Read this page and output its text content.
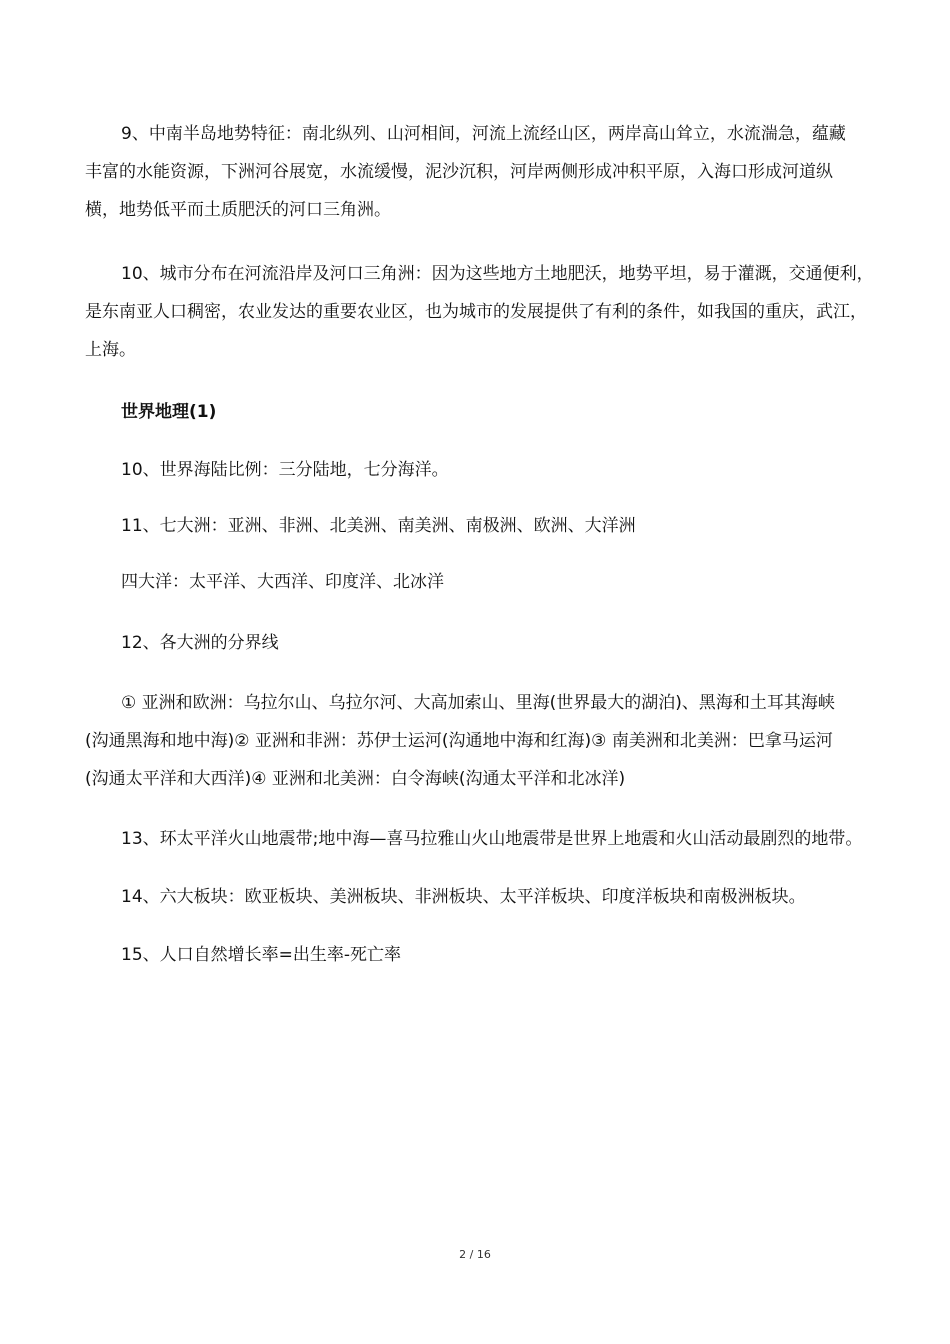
9、中南半岛地势特征：南北纵列、山河相间，河流上流经山区，两岸高山耸立，水流湍急，蕴藏
丰富的水能资源，下洲河谷展宽，水流缓慢，泥沙沉积，河岸两侧形成冲积平原，入海口形成河道纵
横，地势低平而土质肥沃的河口三角洲。
10、城市分布在河流沿岸及河口三角洲：因为这些地方土地肥沃，地势平坦，易于灌溉，交通便利，
是东南亚人口稠密，农业发达的重要农业区，也为城市的发展提供了有利的条件，如我国的重庆，武江，
上海。
世界地理(1)
10、世界海陆比例：三分陆地，七分海洋。
11、七大洲：亚洲、非洲、北美洲、南美洲、南极洲、欧洲、大洋洲
四大洋：太平洋、大西洋、印度洋、北冰洋
12、各大洲的分界线
① 亚洲和欧洲：乌拉尔山、乌拉尔河、大高加索山、里海(世界最大的湖泊)、黑海和土耳其海峡
(沟通黑海和地中海)② 亚洲和非洲：苏伊士运河(沟通地中海和红海)③ 南美洲和北美洲：巴拿马运河
(沟通太平洋和大西洋)④ 亚洲和北美洲：白令海峡(沟通太平洋和北冰洋)
13、环太平洋火山地震带;地中海—喜马拉雅山火山地震带是世界上地震和火山活动最剧烈的地带。
14、六大板块：欧亚板块、美洲板块、非洲板块、太平洋板块、印度洋板块和南极洲板块。
15、人口自然增长率=出生率-死亡率
2 / 16
